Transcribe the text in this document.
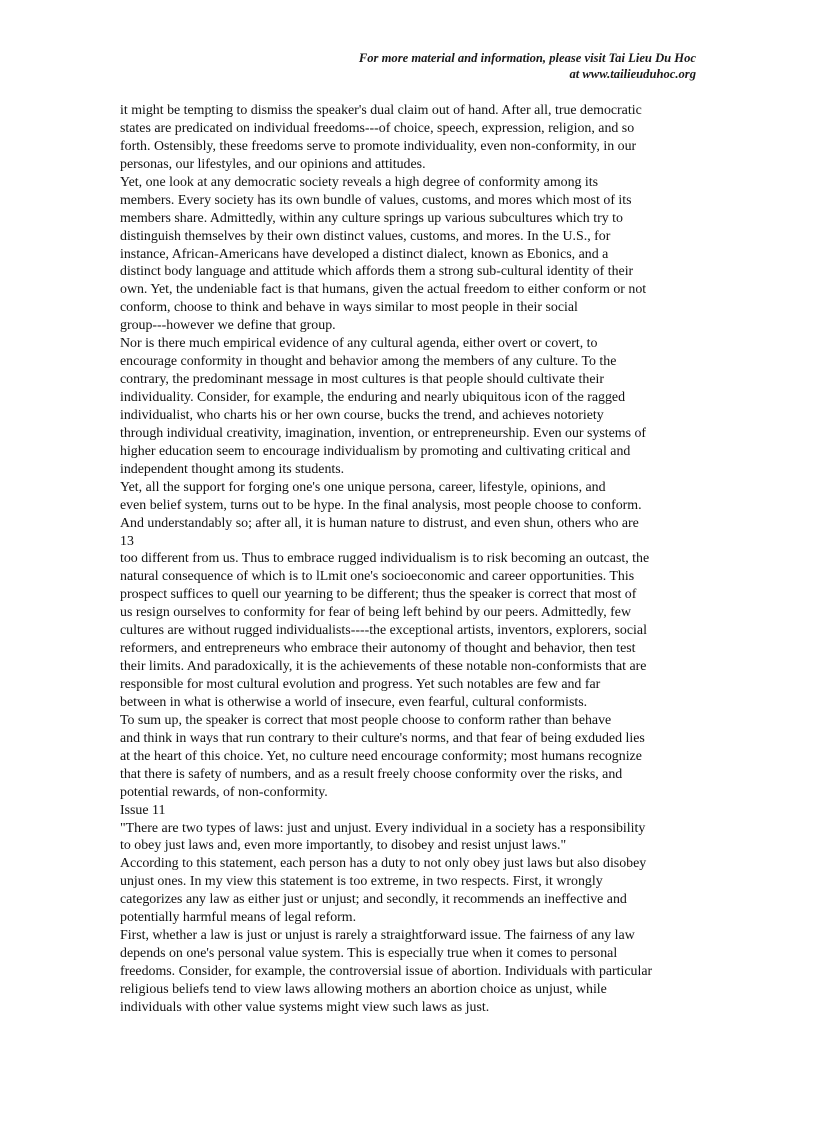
For more material and information, please visit Tai Lieu Du Hoc
at www.tailieuduhoc.org
it might be tempting to dismiss the speaker's dual claim out of hand. After all, true democratic
states are predicated on individual freedoms---of choice, speech, expression, religion, and so
forth. Ostensibly, these freedoms serve to promote individuality, even non-conformity, in our
personas, our lifestyles, and our opinions and attitudes.
Yet, one look at any democratic society reveals a high degree of conformity among its
members. Every society has its own bundle of values, customs, and mores which most of its
members share. Admittedly, within any culture springs up various subcultures which try to
distinguish themselves by their own distinct values, customs, and mores. In the U.S., for
instance, African-Americans have developed a distinct dialect, known as Ebonics, and a
distinct body language and attitude which affords them a strong sub-cultural identity of their
own. Yet, the undeniable fact is that humans, given the actual freedom to either conform or not
conform, choose to think and behave in ways similar to most people in their social
group---however we define that group.
Nor is there much empirical evidence of any cultural agenda, either overt or covert, to
encourage conformity in thought and behavior among the members of any culture. To the
contrary, the predominant message in most cultures is that people should cultivate their
individuality. Consider, for example, the enduring and nearly ubiquitous icon of the ragged
individualist, who charts his or her own course, bucks the trend, and achieves notoriety
through individual creativity, imagination, invention, or entrepreneurship. Even our systems of
higher education seem to encourage individualism by promoting and cultivating critical and
independent thought among its students.
Yet, all the support for forging one's one unique persona, career, lifestyle, opinions, and
even belief system, turns out to be hype. In the final analysis, most people choose to conform.
And understandably so; after all, it is human nature to distrust, and even shun, others who are
13
too different from us. Thus to embrace rugged individualism is to risk becoming an outcast, the
natural consequence of which is to lLmit one's socioeconomic and career opportunities. This
prospect suffices to quell our yearning to be different; thus the speaker is correct that most of
us resign ourselves to conformity for fear of being left behind by our peers. Admittedly, few
cultures are without rugged individualists----the exceptional artists, inventors, explorers, social
reformers, and entrepreneurs who embrace their autonomy of thought and behavior, then test
their limits. And paradoxically, it is the achievements of these notable non-conformists that are
responsible for most cultural evolution and progress. Yet such notables are few and far
between in what is otherwise a world of insecure, even fearful, cultural conformists.
To sum up, the speaker is correct that most people choose to conform rather than behave
and think in ways that run contrary to their culture's norms, and that fear of being exduded lies
at the heart of this choice. Yet, no culture need encourage conformity; most humans recognize
that there is safety of numbers, and as a result freely choose conformity over the risks, and
potential rewards, of non-conformity.
Issue 11
"There are two types of laws: just and unjust. Every individual in a society has a responsibility
to obey just laws and, even more importantly, to disobey and resist unjust laws."
According to this statement, each person has a duty to not only obey just laws but also disobey
unjust ones. In my view this statement is too extreme, in two respects. First, it wrongly
categorizes any law as either just or unjust; and secondly, it recommends an ineffective and
potentially harmful means of legal reform.
First, whether a law is just or unjust is rarely a straightforward issue. The fairness of any law
depends on one's personal value system. This is especially true when it comes to personal
freedoms. Consider, for example, the controversial issue of abortion. Individuals with particular
religious beliefs tend to view laws allowing mothers an abortion choice as unjust, while
individuals with other value systems might view such laws as just.
